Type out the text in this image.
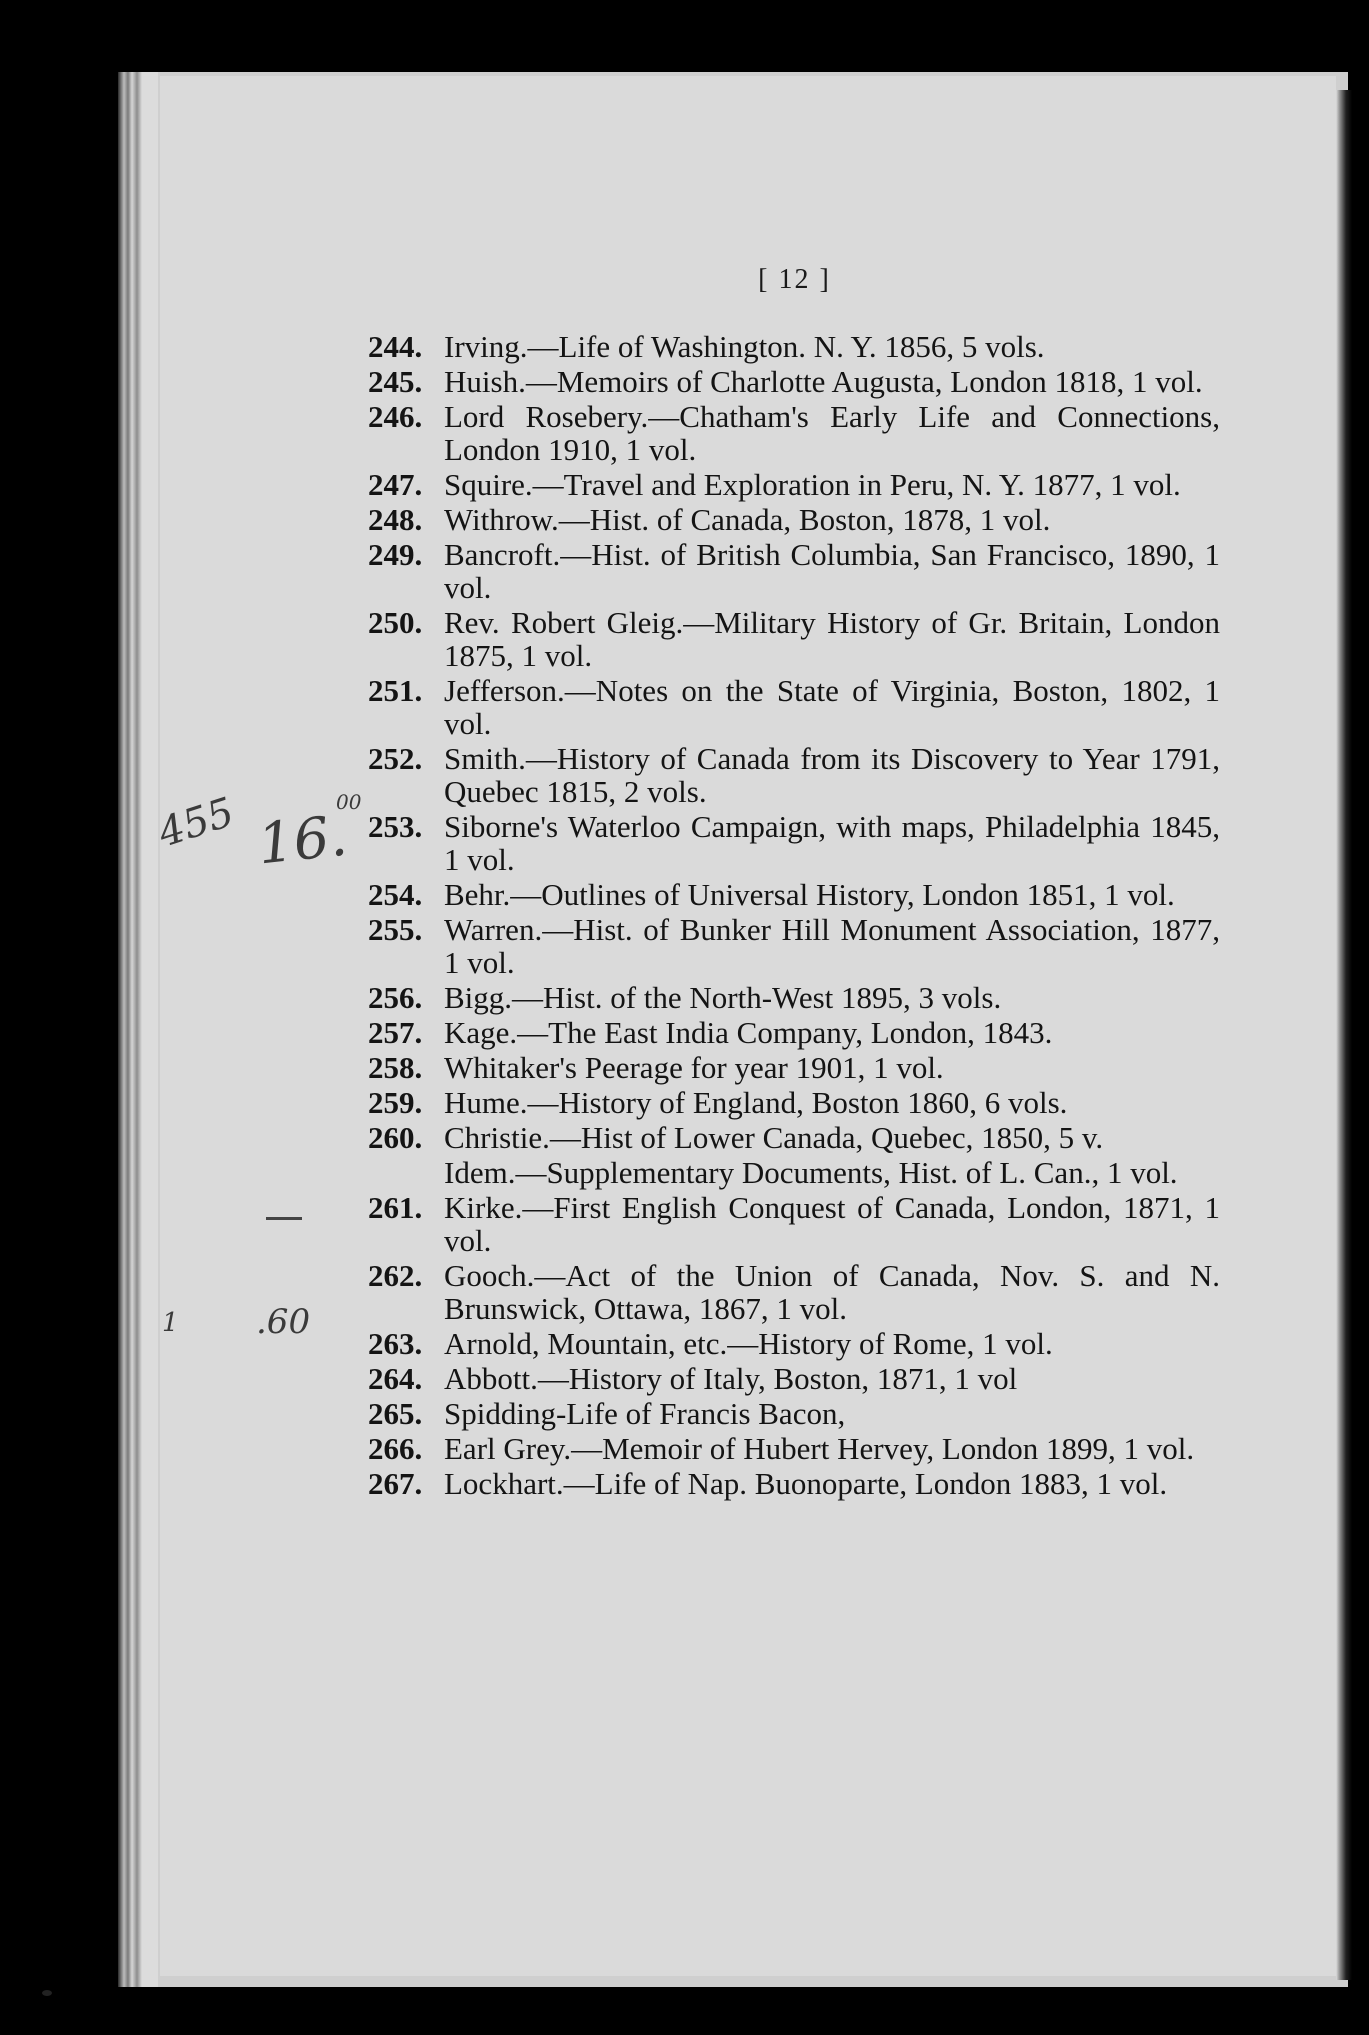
[ 12 ]
244. Irving.—Life of Washington. N. Y. 1856, 5 vols.
245. Huish.—Memoirs of Charlotte Augusta, London 1818, 1 vol.
246. Lord Rosebery.—Chatham's Early Life and Connections, London 1910, 1 vol.
247. Squire.—Travel and Exploration in Peru, N. Y. 1877, 1 vol.
248. Withrow.—Hist. of Canada, Boston, 1878, 1 vol.
249. Bancroft.—Hist. of British Columbia, San Francisco, 1890, 1 vol.
250. Rev. Robert Gleig.—Military History of Gr. Britain, London 1875, 1 vol.
251. Jefferson.—Notes on the State of Virginia, Boston, 1802, 1 vol.
252. Smith.—History of Canada from its Discovery to Year 1791, Quebec 1815, 2 vols.
253. Siborne's Waterloo Campaign, with maps, Philadelphia 1845, 1 vol.
254. Behr.—Outlines of Universal History, London 1851, 1 vol.
255. Warren.—Hist. of Bunker Hill Monument Association, 1877, 1 vol.
256. Bigg.—Hist. of the North-West 1895, 3 vols.
257. Kage.—The East India Company, London, 1843.
258. Whitaker's Peerage for year 1901, 1 vol.
259. Hume.—History of England, Boston 1860, 6 vols.
260. Christie.—Hist of Lower Canada, Quebec, 1850, 5 v.
Idem.—Supplementary Documents, Hist. of L. Can., 1 vol.
261. Kirke.—First English Conquest of Canada, London, 1871, 1 vol.
262. Gooch.—Act of the Union of Canada, Nov. S. and N. Brunswick, Ottawa, 1867, 1 vol.
263. Arnold, Mountain, etc.—History of Rome, 1 vol.
264. Abbott.—History of Italy, Boston, 1871, 1 vol
265. Spidding-Life of Francis Bacon,
266. Earl Grey.—Memoir of Hubert Hervey, London 1899, 1 vol.
267. Lockhart.—Life of Nap. Buonoparte, London 1883, 1 vol.
455 16.
00
.60
1
